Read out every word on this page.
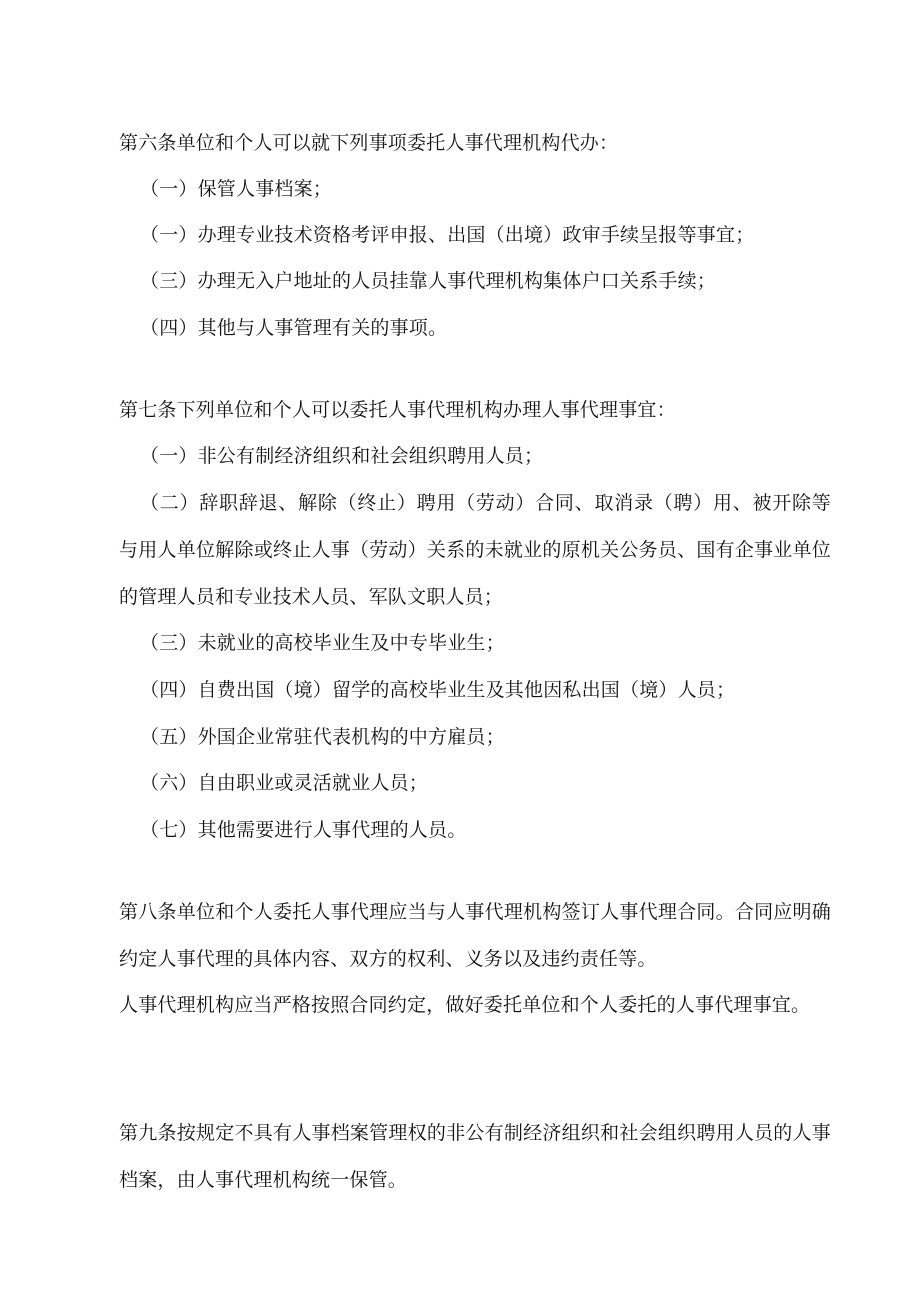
第六条单位和个人可以就下列事项委托人事代理机构代办：
（一）保管人事档案；
（一）办理专业技术资格考评申报、出国（出境）政审手续呈报等事宜；
（三）办理无入户地址的人员挂靠人事代理机构集体户口关系手续；
（四）其他与人事管理有关的事项。
第七条下列单位和个人可以委托人事代理机构办理人事代理事宜：
（一）非公有制经济组织和社会组织聘用人员；
（二）辞职辞退、解除（终止）聘用（劳动）合同、取消录（聘）用、被开除等与用人单位解除或终止人事（劳动）关系的未就业的原机关公务员、国有企事业单位的管理人员和专业技术人员、军队文职人员；
（三）未就业的高校毕业生及中专毕业生；
（四）自费出国（境）留学的高校毕业生及其他因私出国（境）人员；
（五）外国企业常驻代表机构的中方雇员；
（六）自由职业或灵活就业人员；
（七）其他需要进行人事代理的人员。
第八条单位和个人委托人事代理应当与人事代理机构签订人事代理合同。合同应明确约定人事代理的具体内容、双方的权利、义务以及违约责任等。
人事代理机构应当严格按照合同约定，做好委托单位和个人委托的人事代理事宜。
第九条按规定不具有人事档案管理权的非公有制经济组织和社会组织聘用人员的人事档案，由人事代理机构统一保管。
